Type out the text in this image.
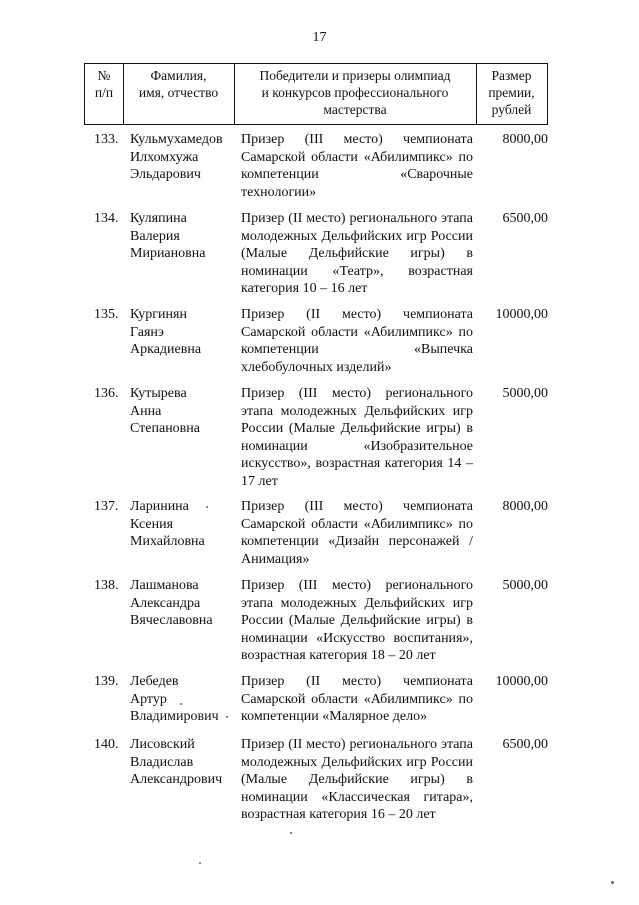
17
№
п/п
Фамилия,
имя, отчество
Победители и призеры олимпиад
и конкурсов профессионального
мастерства
Размер
премии,
рублей
133. Кульмухамедов
Илхомхужа
Эльдарович
Призер (III место) чемпионата Самарской области «Абилимпикс» по компетенции «Сварочные технологии»
8000,00
134. Куляпина
Валерия
Мириановна
Призер (II место) регионального этапа молодежных Дельфийских игр России (Малые Дельфийские игры) в номинации «Театр», возрастная категория 10 – 16 лет
6500,00
135. Кургинян
Гаянэ
Аркадиевна
Призер (II место) чемпионата Самарской области «Абилимпикс» по компетенции «Выпечка хлебобулочных изделий»
10000,00
136. Кутырева
Анна
Степановна
Призер (III место) регионального этапа молодежных Дельфийских игр России (Малые Дельфийские игры) в номинации «Изобразительное искусство», возрастная категория 14 – 17 лет
5000,00
137. Ларинина
Ксения
Михайловна
Призер (III место) чемпионата Самарской области «Абилимпикс» по компетенции «Дизайн персонажей / Анимация»
8000,00
138. Лашманова
Александра
Вячеславовна
Призер (III место) регионального этапа молодежных Дельфийских игр России (Малые Дельфийские игры) в номинации «Искусство воспитания», возрастная категория 18 – 20 лет
5000,00
139. Лебедев
Артур
Владимирович
Призер (II место) чемпионата Самарской области «Абилимпикс» по компетенции «Малярное дело»
10000,00
140. Лисовский
Владислав
Александрович
Призер (II место) регионального этапа молодежных Дельфийских игр России (Малые Дельфийские игры) в номинации «Классическая гитара», возрастная категория 16 – 20 лет
6500,00
